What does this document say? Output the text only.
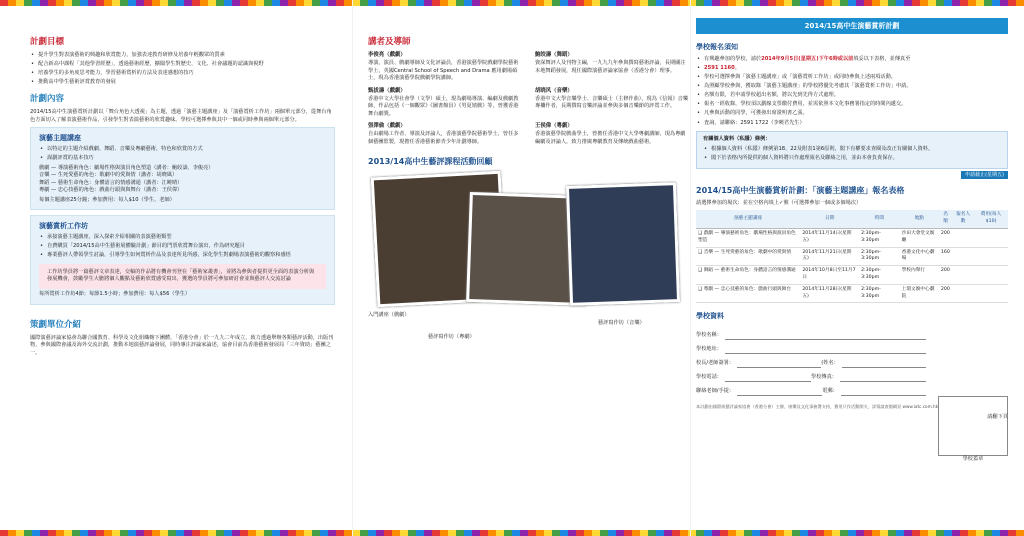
計劃目標
• 提升學生對表演藝術的興趣和欣賞能力，加強表達教育研修及培養年輕觀眾的質素
• 配合新高中課程「其他學習經歷」，透過藝術經歷，擴闊學生對歷史、文化、社會議題的認識與視野
• 培養學生的多角度思考能力，學習藝術賞析的方法及表達感想的技巧
• 推動高中學生藝術評賞教育的發展
計劃內容

2014/15高中生演藝賞析計劃以「舞台角色大透視」為主題，透過「演藝主題講座」及「演藝賞析工作坊」兩個單元部分，從舞台角色方面切入了解表演藝術作品，引發學生對表演藝術的欣賞趣味。學校可選擇參與其中一個或同時參與兩個單元部分。

演藝主題講座
• 以特定的主題介紹戲劇、舞蹈、音樂及粵劇藝術，特色和欣賞的方式
• 謀劃評賞的基本技巧
戲劇 — 導演藝術角色：劇場性格與演員角色塑造（講者：鮑皎濤、李俊亮）
音樂 — 生死愛藝的角色：歌劇中的愛與情（講者：胡晓風）
舞蹈 — 藝術生命角色：身體語言的情感溝通（講者：江曉晴）
粵劇 — 忠心技藝的角色：戲曲行頭與與舞台（講者：王侯偉）
每個主題講座25分鐘；參加費用：每人$10（學生、老師）
演藝賞析工作坊
• 承接演藝主題講座，深入探索介紹相關的表演藝術類型
• 自費購買「2014/15高中生藝術展體驗計劃」節目的門票欣賞舞台演出，作為研究題目
• 專業藝評人帶領學生討論，引導學生如何賞析作品及表達所見所感，深化學生對劇場表演藝術的觀察和感悟
工作坊學員將一篇藝評文章表達，交稿的作品將有機會刊登在「藝術家叢書」，並將為參與者提供更全面的表演分析與發展機會，鼓勵學生大膽將個人觀點及藝術欣賞感受寫出，獲選的學員將可參加研討會並與藝評人交流討論
每所賞析工作坊4節；每節1.5小時；參加費用：每人$56（學生）
策劃單位介紹

國際演藝評論家協會為聯合國教育、科學及文化組織轄下團體，「香港分會」於一九九二年成立，致力透過舉辦各類藝評活動，出版刊物，參與國際會議及海外交流計劃，推動本地演藝評論發展，同時專注評論家論述，協會目前為香港藝術發展局「三年資助」藝團之一。

講者及導師
李俊亮（戲劇）
導演、演員、戲劇導師及文化評論員，香港演藝學院戲劇學院藝術學士，英國Central School of Speech and Drama 應用劇場碩士，現為香港演藝學院戲劇學院講師。
鮑皎濤（舞蹈）
資深舞評人及刊物主編，一九九九年參與撰寫藝術評論，長期關注本地舞蹈發展，現任國際演藝評論家協會（香港分會）理事。
甄拔濤（戲劇）
香港中文大學社會學（文學）碩士，現為劇場導演、編劇及戲劇教師，作品包括《一個觀眾》《圖書館員》《男夏嬉戲》等，曾獲香港舞台劇獎。
胡晓风（音樂）
香港中文大學音樂學士、音樂碩士（主修作曲），現為《信報》音樂專欄作者，長期撰寫音樂評論並參與多個音樂節的評賞工作。
張澤倫（戲劇）
自由劇場工作者、導演及評論人，香港演藝學院藝術學士，曾任多個藝團監製，現擔任香港藝術節青少年計劃導師。
王侯偉（粵劇）
香港演藝學院戲曲學士，曾擔任香港中文大學粵劇講師，現為粵劇編劇及評論人，致力推廣粵劇教育及傳統戲曲藝術。
2013/14高中生藝評課程活動回顧
入門講座（戲劇）
藝評寫作坊（粵劇）
藝評寫作坊（音樂）
2014/15高中生演藝賞析計劃
學校報名須知
• 有興趣參加的學校，請於2014年9月5日(星期五)下午6時或以前填妥以下表格，並傳真至
• 2591 1160。
• 學校可選擇參與「演藝主題講座」或「演藝賞析工作坊」或同時參與上述兩項活動。
• 為照顧學校參與，獲取錄「演藝主題講座」的學校將優先考慮其「演藝賞析工作坊」申請。
• 名額有限，若申請學校超出名額，將以先到先得方式處理。
• 報名一經收錄，學校須以劃線支票繳付費用，並需依照本文化事務署指定的時間內遞交。
• 凡參與活動的同學，可獲發出席證明書乙張。
• 査詢，請聯絡：2591 1722（李曉君先生）
有關個人資料（私隱）條例：
• 根據個人資料（私隱）條例第18、22及附表1第6原則，閣下有權要求查閱及改正有關個人資料。
• 閣下於表格內所提供的個人資料將只作處理報名及聯絡之用，並由本會負責保存。
申請截止(星期五)
2014/15高中生演藝賞析計劃：「演藝主題講座」報名表格
請選擇參加的場次：並在空格內填上✓號（可選擇參加一個或多個場次）
演藝主題講座	日期	時間	地點	名額	報名人數	費用(每人$10)
❑ 戲劇 — 導演藝術角色：劇場性格與演員角色塑造	2014年11月14日(星期五)	2:30pm-3:30pm	沙田大會堂文娛廳	200		
❑ 音樂 — 生死愛藝的角色：歌劇中的愛與情	2014年11月21日(星期五)	2:30pm-3:30pm	香港文化中心劇場	160		
❑ 舞蹈 — 藝術生命角色：身體語言的情感溝通	2014年10月8日至11月7日	2:30pm-3:30pm	學校內舉行	200		
❑ 粵劇 — 忠心技藝的角色：戲曲行頭與舞台	2014年11月28日(星期五)	2:30pm-3:30pm	上環文娛中心劇院	200		
學校資料
學校名稱：
學校地址：
校長/老師簽署：	(姓名：
學校電話：	學校傳真：
聯絡老師/手提：	電郵：
學校蓋章
本計劃由國際演藝評論家協會（香港分會）主辦，康樂及文化事務署支持，費用只作活動開支，詳情請查閱網頁 www.iatc.com.hk
請翻下頁
